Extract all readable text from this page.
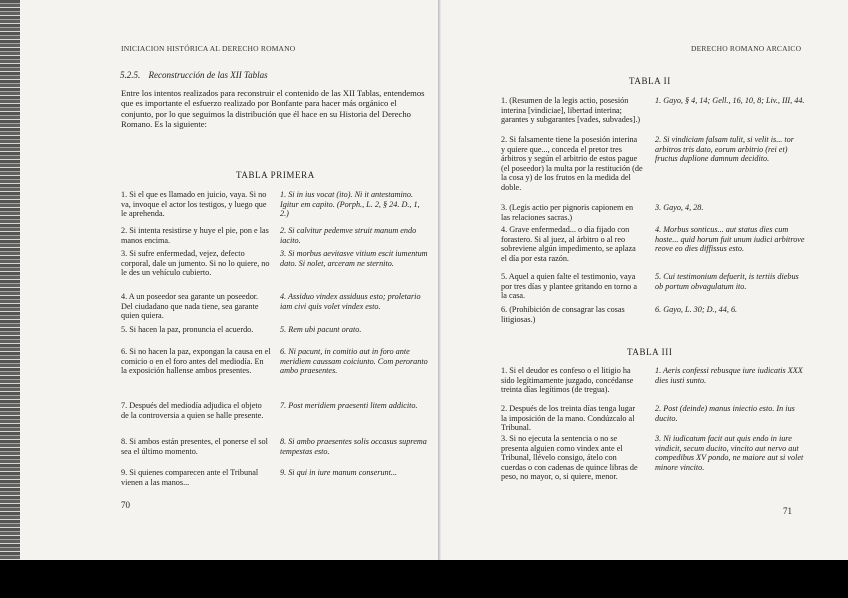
INICIACION HISTÓRICA AL DERECHO ROMANO
5.2.5. Reconstrucción de las XII Tablas
Entre los intentos realizados para reconstruir el contenido de las XII Tablas, entendemos que es importante el esfuerzo realizado por Bonfante para hacer más orgánico el conjunto, por lo que seguimos la distribución que él hace en su Historia del Derecho Romano. Es la siguiente:
TABLA PRIMERA
1. Si el que es llamado en juicio, vaya. Si no va, invoque el actor los testigos, y luego que le aprehenda.
1. Si in ius vocat (ito). Ni it antestamino. Igitur em capito. (Porph., L. 2, § 24. D., 1, 2.)
2. Si intenta resistirse y huye el pie, pon e las manos encima.
2. Si calvitur pedemve struit manum endo iacito.
3. Si sufre enfermedad, vejez, defecto corporal, dale un jumento. Si no lo quiere, no le des un vehículo cubierto.
3. Si morbus aevitasve vitium escit iumentum dato. Si nolet, arceram ne sternito.
4. A un poseedor sea garante un poseedor. Del ciudadano que nada tiene, sea garante quien quiera.
4. Assiduo vindex assiduus esto; proletario iam civi quis volet vindex esto.
5. Si hacen la paz, pronuncia el acuerdo.	5. Rem ubi pacunt orato.
6. Si no hacen la paz, expongan la causa en el comicio o en el foro antes del mediodía. En la exposición hallense ambos presentes.
6. Ni pacunt, in comitio aut in foro ante meridiem caussam coiciunto. Com peroranto ambo praesentes.
7. Después del mediodía adjudica el objeto de la controversia a quien se halle presente.
7. Post meridiem praesenti litem addicito.
8. Si ambos están presentes, el ponerse el sol sea el último momento.
8. Si ambo praesentes solis occasus suprema tempestas esto.
9. Si quienes comparecen ante el Tribunal vienen a las manos...
9. Si qui in iure manum conserunt...
70
DERECHO ROMANO ARCAICO
TABLA II
1. (Resumen de la legis actio, posesión interina [vindiciae], libertad interina; garantes y subgarantes [vades, subvades].)
1. Gayo, § 4, 14; Gell., 16, 10, 8; Liv., III, 44.
2. Si falsamente tiene la posesión interina y quiere que..., conceda el pretor tres árbitros y según el arbitrio de estos pague (el poseedor) la multa por la restitución (de la cosa y) de los frutos en la medida del doble.
2. Si vindiciam falsam tulit, si velit is... tor arbitros tris dato, eorum arbitrio (rei et) fructus duplione damnum decidito.
3. (Legis actio per pignoris capionem en las relaciones sacras.)
3. Gayo, 4, 28.
4. Grave enfermedad... o día fijado con forastero. Si al juez, al árbitro o al reo sobreviene algún impedimento, se aplaza el día por esta razón.
4. Morbus sonticus... aut status dies cum hoste... quid horum fuit unum iudici arbitrove reove eo dies diffissus esto.
5. Aquel a quien falte el testimonio, vaya por tres días y plantee gritando en torno a la casa.
5. Cui testimonium defuerit, is tertiis diebus ob portum obvagulatum ito.
6. (Prohibición de consagrar las cosas litigiosas.)
6. Gayo, L. 30; D., 44, 6.
TABLA III
1. Si el deudor es confeso o el litigio ha sido legítimamente juzgado, concédanse treinta días legítimos (de tregua).
1. Aeris confessi rebusque iure iudicatis XXX dies iusti sunto.
2. Después de los treinta días tenga lugar la imposición de la mano. Condúzcalo al Tribunal.
2. Post (deinde) manus iniectio esto. In ius ducito.
3. Si no ejecuta la sentencia o no se presenta alguien como vindex ante el Tribunal, llévelo consigo, átelo con cuerdas o con cadenas de quince libras de peso, no mayor, o, si quiere, menor.
3. Ni iudicatum facit aut quis endo in iure vindicit, secum ducito, vincito aut nervo aut compedibus XV pondo, ne maiore aut si volet minore vincito.
71
